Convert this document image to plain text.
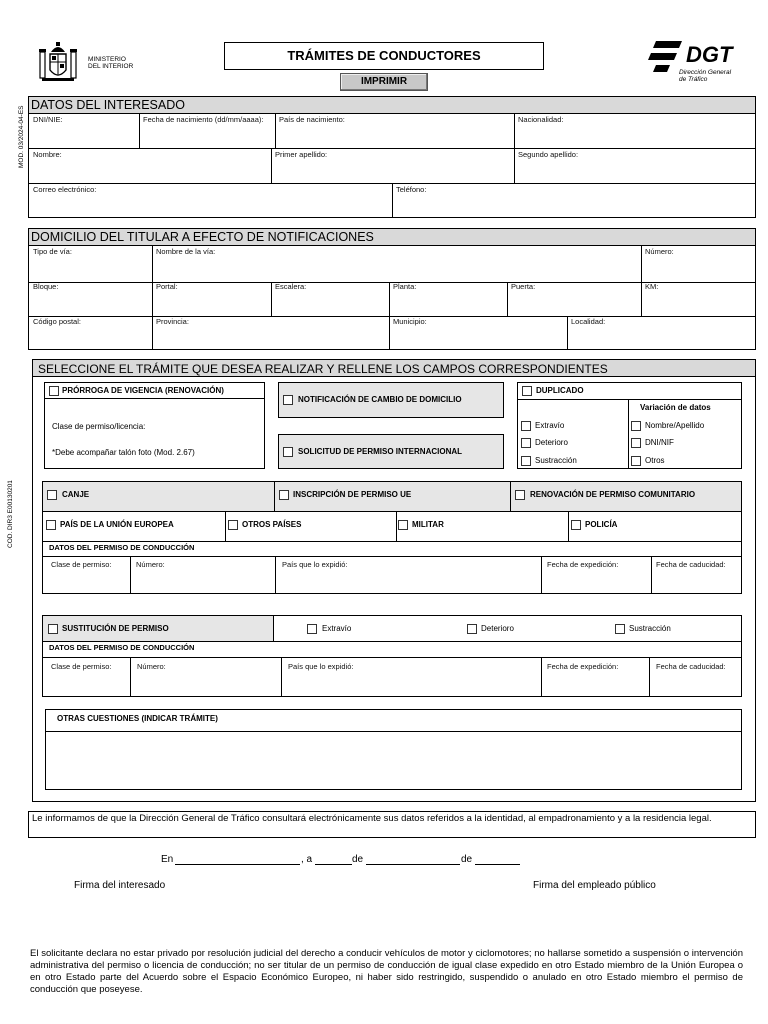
MINISTERIO
DEL INTERIOR
TRÁMITES DE CONDUCTORES
IMPRIMIR
DGT
Dirección General
de Tráfico
MOD. 03/2024-04-ES
COD. DIR3 E00130201
DATOS DEL INTERESADO
DNI/NIE:	Fecha de nacimiento (dd/mm/aaaa): País de nacimiento:	Nacionalidad:
Nombre:	Primer apellido:	Segundo apellido:
Correo electrónico:	Teléfono:
DOMICILIO DEL TITULAR A EFECTO DE NOTIFICACIONES
Tipo de vía:	Nombre de la vía:	Número:
Bloque:	Portal:	Escalera:	Planta:	Puerta:	KM:
Código postal:	Provincia:	Municipio:	Localidad:
SELECCIONE EL TRÁMITE QUE DESEA REALIZAR Y RELLENE LOS CAMPOS CORRESPONDIENTES
PRÓRROGA DE VIGENCIA (RENOVACIÓN)
Clase de permiso/licencia:
*Debe acompañar talón foto (Mod. 2.67)
NOTIFICACIÓN DE CAMBIO DE DOMICILIO
SOLICITUD DE PERMISO INTERNACIONAL
DUPLICADO
Variación de datos
Extravío
Deterioro
Sustracción
Nombre/Apellido
DNI/NIF
Otros
CANJE	INSCRIPCIÓN DE PERMISO UE	RENOVACIÓN DE PERMISO COMUNITARIO
PAÍS DE LA UNIÓN EUROPEA	OTROS PAÍSES	MILITAR	POLICÍA
DATOS DEL PERMISO DE CONDUCCIÓN
Clase de permiso:	Número:	País que lo expidió:	Fecha de expedición:	Fecha de caducidad:
SUSTITUCIÓN DE PERMISO	Extravío	Deterioro	Sustracción
DATOS DEL PERMISO DE CONDUCCIÓN
Clase de permiso:	Número:	País que lo expidió:	Fecha de expedición:	Fecha de caducidad:
OTRAS CUESTIONES (INDICAR TRÁMITE)
Le informamos de que la Dirección General de Tráfico consultará electrónicamente sus datos referidos a la identidad, al empadronamiento y a la residencia legal.
En	, a	de	de
Firma del interesado	Firma del empleado público
El solicitante declara no estar privado por resolución judicial del derecho a conducir vehículos de motor y ciclomotores; no hallarse sometido a suspensión o intervención administrativa del permiso o licencia de conducción; no ser titular de un permiso de conducción de igual clase expedido en otro Estado miembro de la Unión Europea o en otro Estado parte del Acuerdo sobre el Espacio Económico Europeo, ni haber sido restringido, suspendido o anulado en otro Estado miembro el permiso de conducción que poseyese.
